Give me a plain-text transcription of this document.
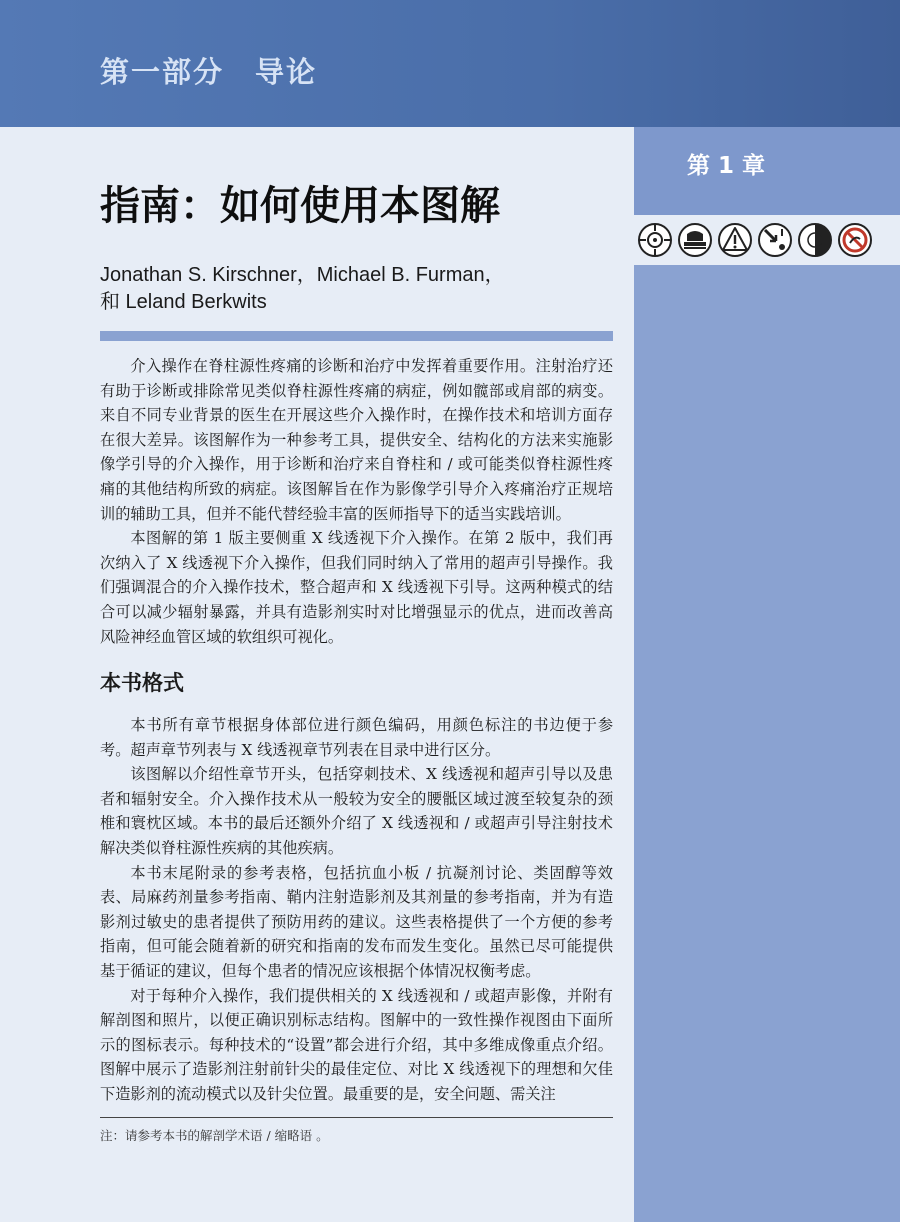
第一部分　导论
第 1 章
指南：如何使用本图解
Jonathan S. Kirschner，Michael B. Furman，
和 Leland Berkwits

介入操作在脊柱源性疼痛的诊断和治疗中发挥着重要作用。注射治疗还有助于诊断或排除常见类似脊柱源性疼痛的病症，例如髋部或肩部的病变。来自不同专业背景的医生在开展这些介入操作时，在操作技术和培训方面存在很大差异。该图解作为一种参考工具，提供安全、结构化的方法来实施影像学引导的介入操作，用于诊断和治疗来自脊柱和 / 或可能类似脊柱源性疼痛的其他结构所致的病症。该图解旨在作为影像学引导介入疼痛治疗正规培训的辅助工具，但并不能代替经验丰富的医师指导下的适当实践培训。

本图解的第 1 版主要侧重 X 线透视下介入操作。在第 2 版中，我们再次纳入了 X 线透视下介入操作，但我们同时纳入了常用的超声引导操作。我们强调混合的介入操作技术，整合超声和 X 线透视下引导。这两种模式的结合可以减少辐射暴露，并具有造影剂实时对比增强显示的优点，进而改善高风险神经血管区域的软组织可视化。

本书格式

本书所有章节根据身体部位进行颜色编码，用颜色标注的书边便于参考。超声章节列表与 X 线透视章节列表在目录中进行区分。

该图解以介绍性章节开头，包括穿刺技术、X 线透视和超声引导以及患者和辐射安全。介入操作技术从一般较为安全的腰骶区域过渡至较复杂的颈椎和寰枕区域。本书的最后还额外介绍了 X 线透视和 / 或超声引导注射技术解决类似脊柱源性疾病的其他疾病。

本书末尾附录的参考表格，包括抗血小板 / 抗凝剂讨论、类固醇等效表、局麻药剂量参考指南、鞘内注射造影剂及其剂量的参考指南，并为有造影剂过敏史的患者提供了预防用药的建议。这些表格提供了一个方便的参考指南，但可能会随着新的研究和指南的发布而发生变化。虽然已尽可能提供基于循证的建议，但每个患者的情况应该根据个体情况权衡考虑。

对于每种介入操作，我们提供相关的 X 线透视和 / 或超声影像，并附有解剖图和照片，以便正确识别标志结构。图解中的一致性操作视图由下面所示的图标表示。每种技术的“设置”都会进行介绍，其中多维成像重点介绍。图解中展示了造影剂注射前针尖的最佳定位、对比 X 线透视下的理想和欠佳下造影剂的流动模式以及针尖位置。最重要的是，安全问题、需关注

注：请参考本书的解剖学术语 / 缩略语 。
